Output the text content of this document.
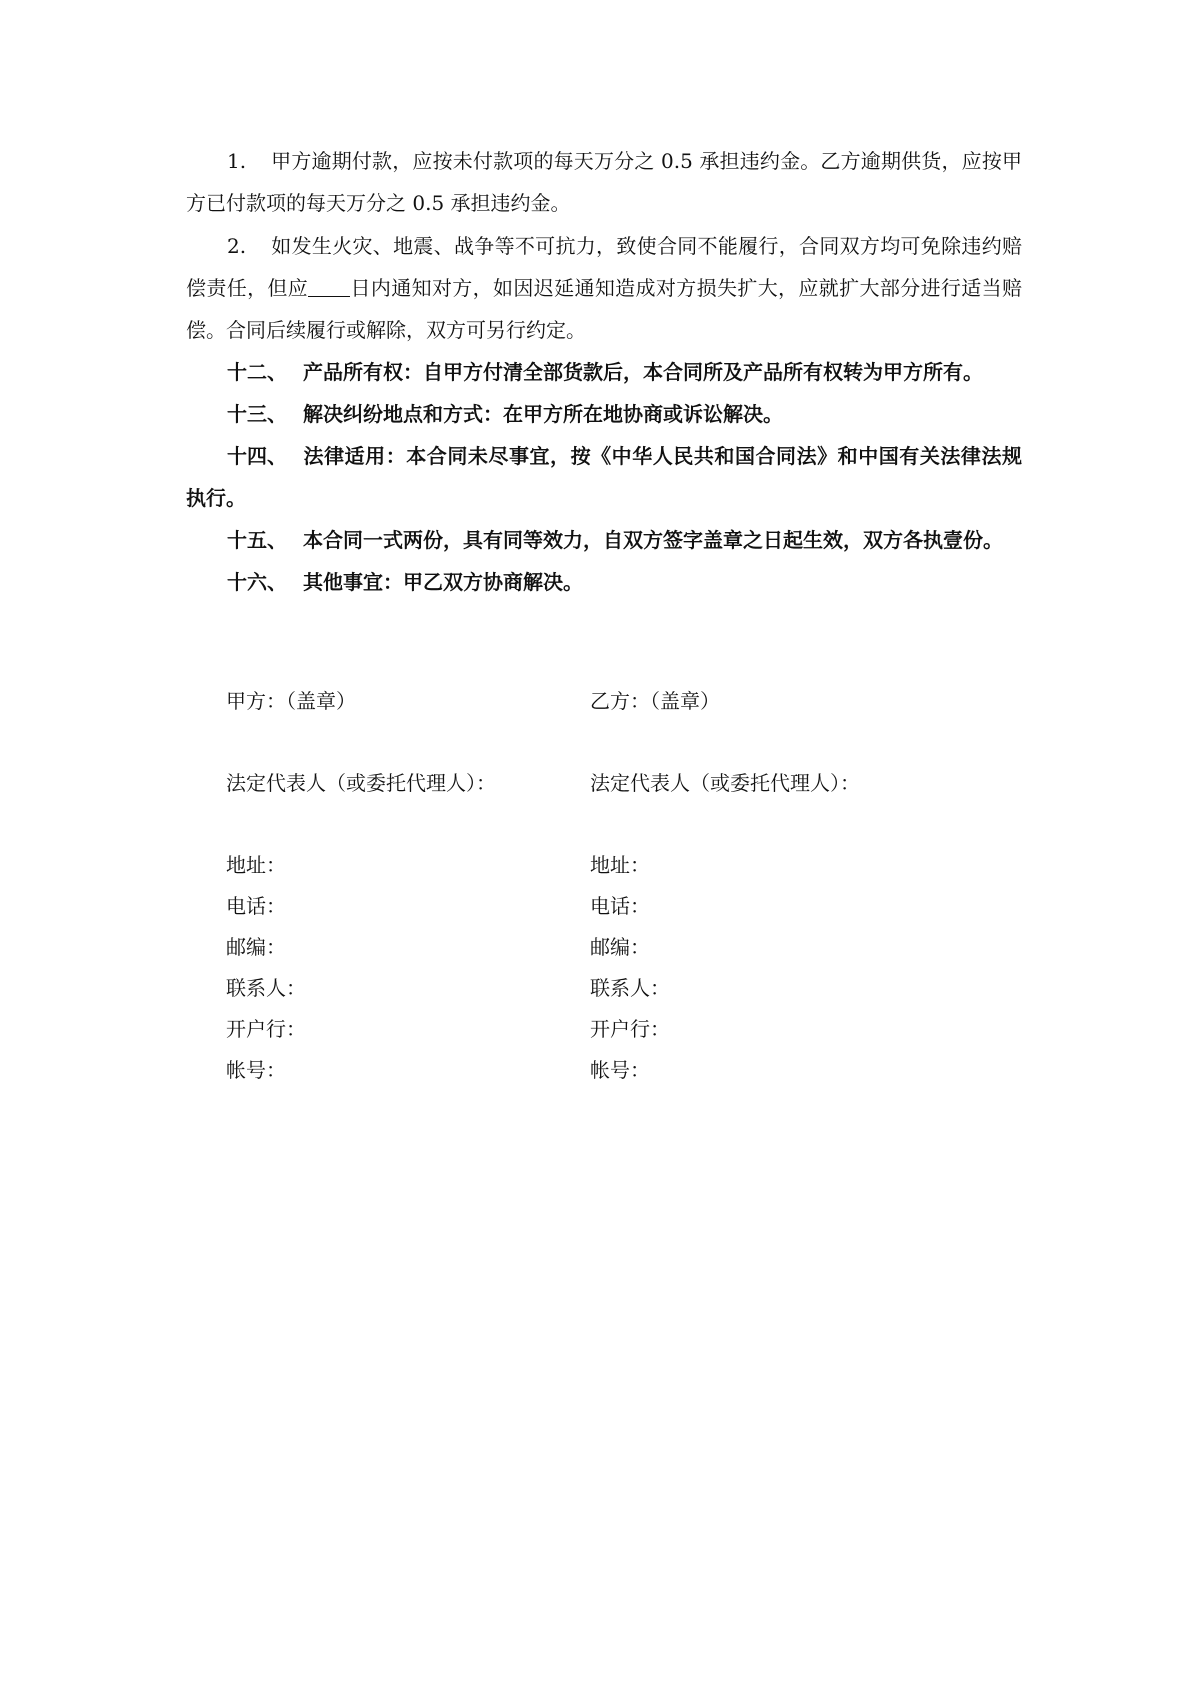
1. 甲方逾期付款，应按未付款项的每天万分之 0.5 承担违约金。乙方逾期供货，应按甲方已付款项的每天万分之 0.5 承担违约金。

2. 如发生火灾、地震、战争等不可抗力，致使合同不能履行，合同双方均可免除违约赔偿责任，但应 日内通知对方，如因迟延通知造成对方损失扩大，应就扩大部分进行适当赔偿。合同后续履行或解除，双方可另行约定。

十二、 产品所有权：自甲方付清全部货款后，本合同所及产品所有权转为甲方所有。

十三、 解决纠纷地点和方式：在甲方所在地协商或诉讼解决。

十四、 法律适用：本合同未尽事宜，按《中华人民共和国合同法》和中国有关法律法规执行。

十五、 本合同一式两份，具有同等效力，自双方签字盖章之日起生效，双方各执壹份。

十六、 其他事宜：甲乙双方协商解决。

甲方：（盖章）

法定代表人（或委托代理人）：

地址：

电话：

邮编：

联系人：

开户行：

帐号：

乙方：（盖章）

法定代表人（或委托代理人）：

地址：

电话：

邮编：

联系人：

开户行：

帐号：
